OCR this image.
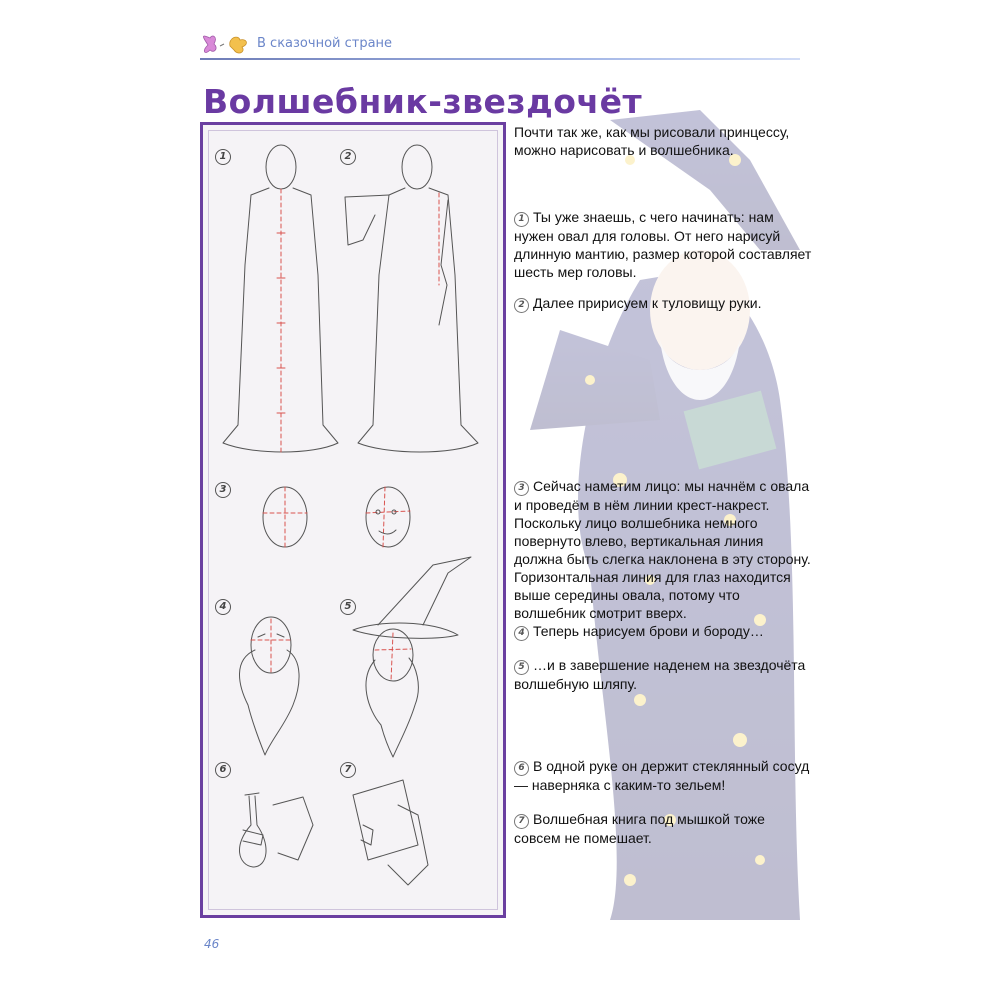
В сказочной стране
Волшебник-звездочёт
1	2
3
4	5
6	7

Почти так же, как мы рисовали принцессу, можно нарисовать и волшебника.

1 Ты уже знаешь, с чего начинать: нам нужен овал для головы. От него нарисуй длинную мантию, размер которой составляет шесть мер головы.

2 Далее пририсуем к туловищу руки.

3 Сейчас наметим лицо: мы начнём с овала и проведём в нём линии крест-накрест. Поскольку лицо волшебника немного повернуто влево, вертикальная линия должна быть слегка наклонена в эту сторону. Горизонтальная линия для глаз находится выше середины овала, потому что волшебник смотрит вверх.

4 Теперь нарисуем брови и бороду…

5 …и в завершение наденем на звездочёта волшебную шляпу.

6 В одной руке он держит стеклянный сосуд — наверняка с каким-то зельем!

7 Волшебная книга под мышкой тоже совсем не помешает.

46
